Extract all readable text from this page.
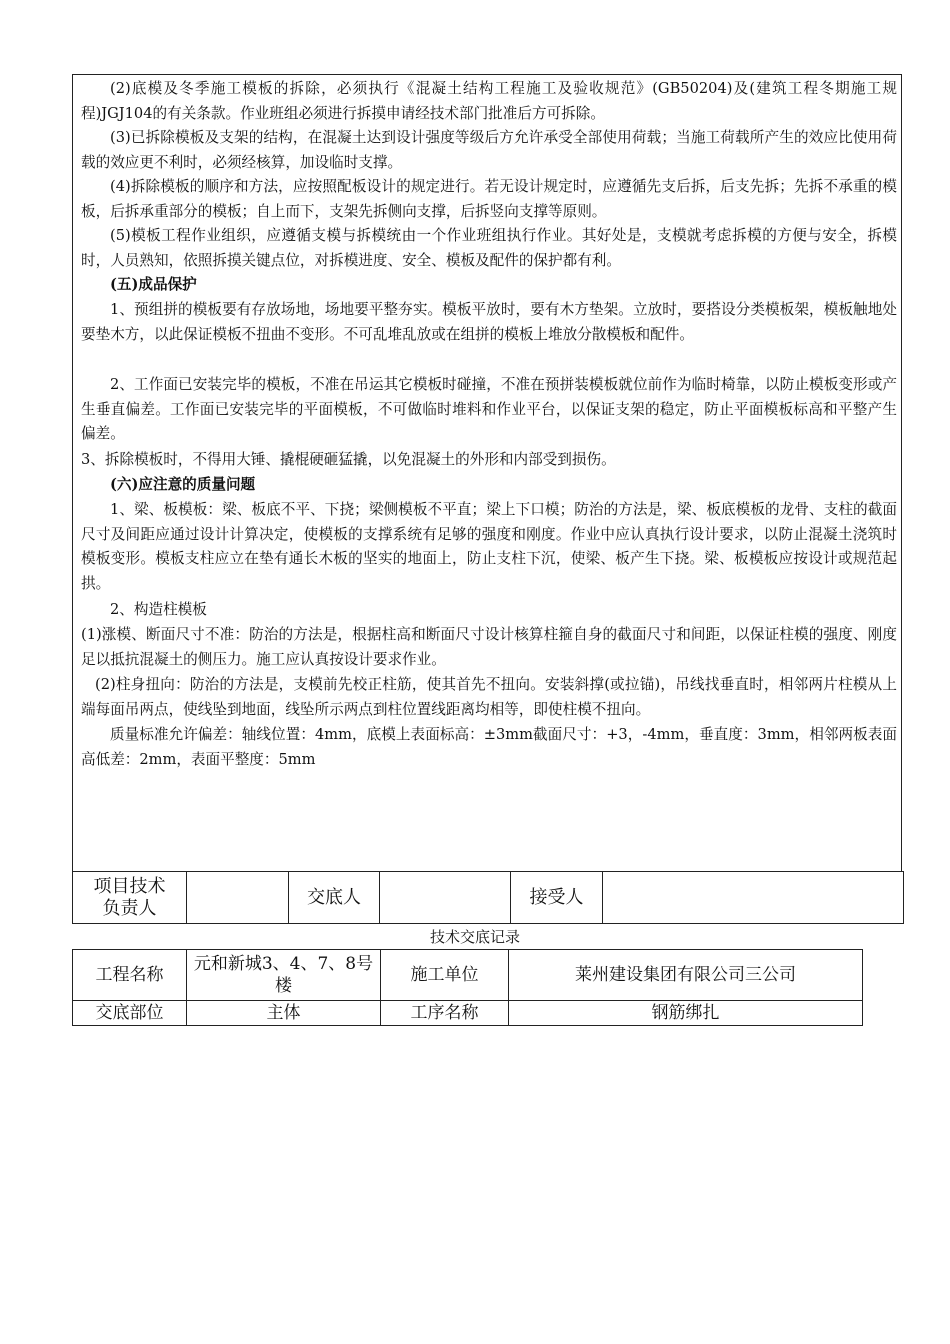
(2)底模及冬季施工模板的拆除，必须执行《混凝土结构工程施工及验收规范》(GB50204)及(建筑工程冬期施工规程)JGJ104的有关条款。作业班组必须进行拆摸申请经技术部门批准后方可拆除。

(3)已拆除模板及支架的结构，在混凝土达到设计强度等级后方允许承受全部使用荷载；当施工荷载所产生的效应比使用荷载的效应更不利时，必须经核算，加设临时支撑。

(4)拆除模板的顺序和方法，应按照配板设计的规定进行。若无设计规定时，应遵循先支后拆，后支先拆；先拆不承重的模板，后拆承重部分的模板；自上而下，支架先拆侧向支撑，后拆竖向支撑等原则。

(5)模板工程作业组织，应遵循支模与拆模统由一个作业班组执行作业。其好处是，支模就考虑拆模的方便与安全，拆模时，人员熟知，依照拆摸关键点位，对拆模进度、安全、模板及配件的保护都有利。

(五)成品保护

1、预组拼的模板要有存放场地，场地要平整夯实。模板平放时，要有木方垫架。立放时，要搭设分类模板架，模板触地处要垫木方，以此保证模板不扭曲不变形。不可乱堆乱放或在组拼的模板上堆放分散模板和配件。

2、工作面已安装完毕的模板，不准在吊运其它模板时碰撞，不准在预拼装模板就位前作为临时椅靠，以防止模板变形或产生垂直偏差。工作面已安装完毕的平面模板，不可做临时堆料和作业平台，以保证支架的稳定，防止平面模板标高和平整产生偏差。

3、拆除模板时，不得用大锤、撬棍硬砸猛撬，以免混凝土的外形和内部受到损伤。

(六)应注意的质量问题

1、梁、板模板：梁、板底不平、下挠；梁侧模板不平直；梁上下口模；防治的方法是，梁、板底模板的龙骨、支柱的截面尺寸及间距应通过设计计算决定，使模板的支撑系统有足够的强度和刚度。作业中应认真执行设计要求，以防止混凝土浇筑时模板变形。模板支柱应立在垫有通长木板的坚实的地面上，防止支柱下沉，使梁、板产生下挠。梁、板模板应按设计或规范起拱。

2、构造柱模板

(1)涨模、断面尺寸不准：防治的方法是，根据柱高和断面尺寸设计核算柱箍自身的截面尺寸和间距，以保证柱模的强度、刚度足以抵抗混凝土的侧压力。施工应认真按设计要求作业。

(2)柱身扭向：防治的方法是，支模前先校正柱筋，使其首先不扭向。安装斜撑(或拉锚)，吊线找垂直时，相邻两片柱模从上端每面吊两点，使线坠到地面，线坠所示两点到柱位置线距离均相等，即使柱模不扭向。

质量标准允许偏差：轴线位置：4mm，底模上表面标高：±3mm截面尺寸：+3，-4mm，垂直度：3mm，相邻两板表面高低差：2mm，表面平整度：5mm

项目技术负责人		交底人		接受人	
技术交底记录
工程名称	元和新城3、4、7、8号楼	施工单位	莱州建设集团有限公司三公司
交底部位	主体	工序名称	钢筋绑扎
